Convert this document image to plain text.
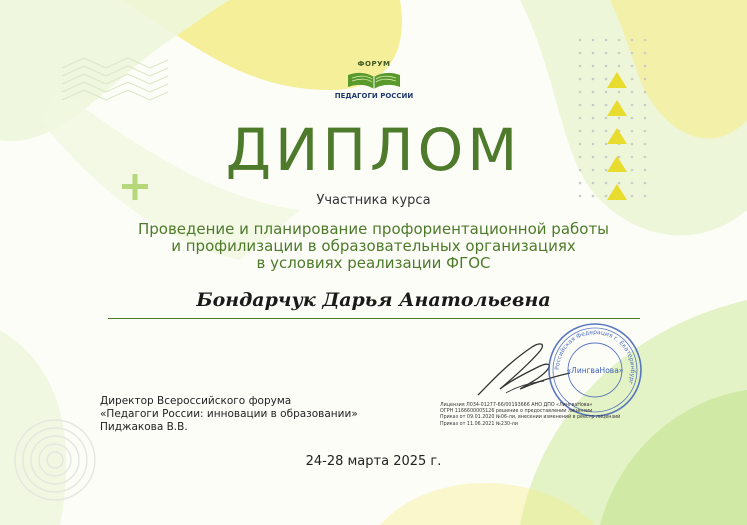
ФОРУМ
ПЕДАГОГИ РОССИИ
ДИПЛОМ
Участника курса
Проведение и планирование профориентационной работы
и профилизации в образовательных организациях
в условиях реализации ФГОС
Бондарчук Дарья Анатольевна
Российская Федерация г. Екатеринбург
«ЛингваНова»
Директор Всероссийского форума
«Педагоги России: инновации в образовании»
Пиджакова В.В.
Лицензия Л034-01277-66/00193666 АНО ДПО «ЛингваНова»
ОГРН 1166600005126 решение о предоставлении лицензии
Приказ от 09.01.2020 №06-ли, внесении изменений в реестр лицензий
Приказ от 11.06.2021 №230-ли
24-28 марта 2025 г.
